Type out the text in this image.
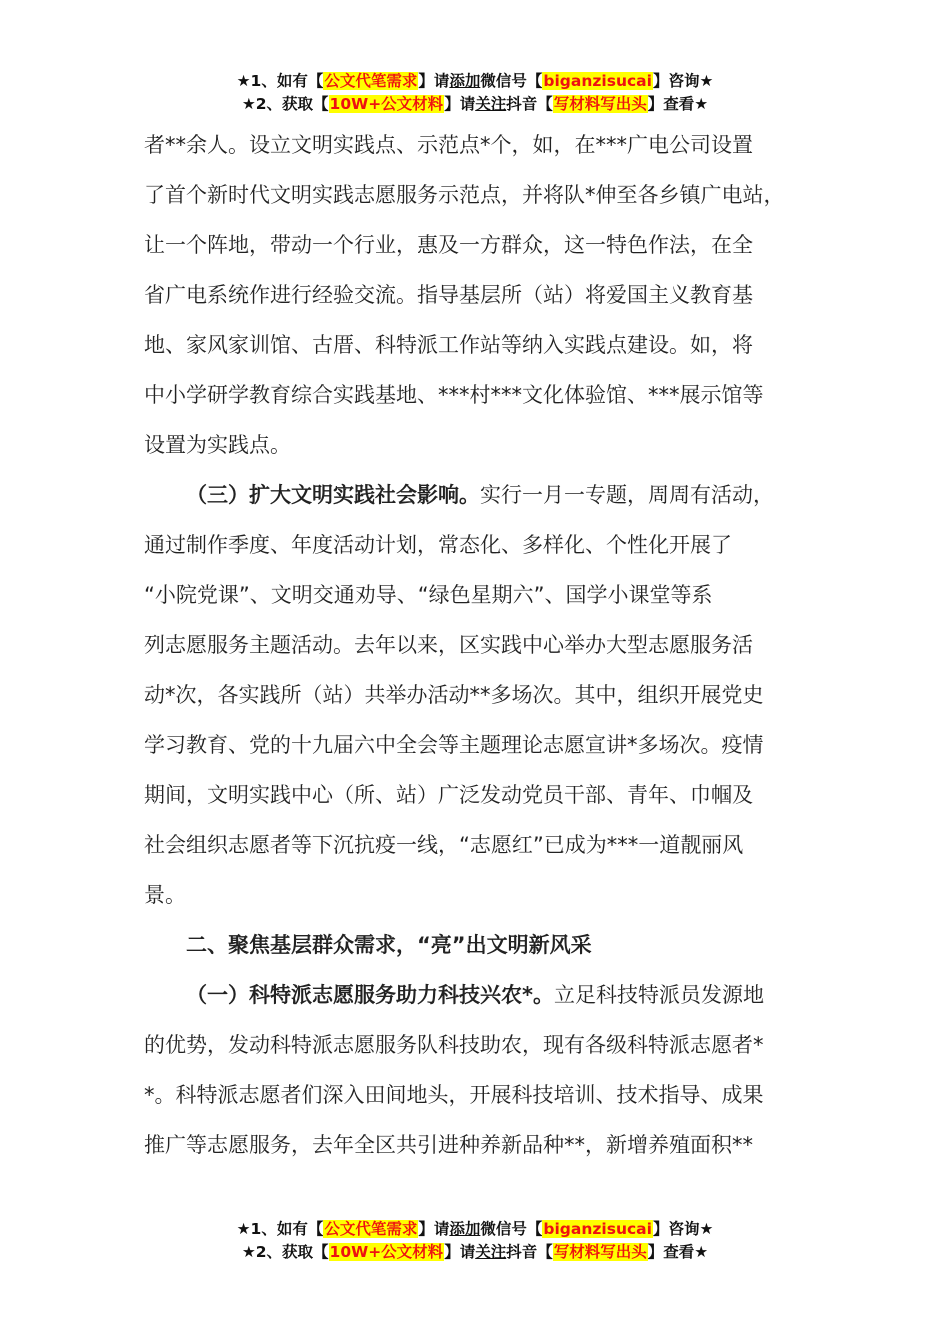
★1、如有【公文代笔需求】请添加微信号【biganzisucai】咨询★
★2、获取【10W+公文材料】请关注抖音【写材料写出头】查看★
者**余人。设立文明实践点、示范点*个，如，在***广电公司设置
了首个新时代文明实践志愿服务示范点，并将队*伸至各乡镇广电站，
让一个阵地，带动一个行业，惠及一方群众，这一特色作法，在全
省广电系统作进行经验交流。指导基层所（站）将爱国主义教育基
地、家风家训馆、古厝、科特派工作站等纳入实践点建设。如，将
中小学研学教育综合实践基地、***村***文化体验馆、***展示馆等
设置为实践点。
（三）扩大文明实践社会影响。实行一月一专题，周周有活动，
通过制作季度、年度活动计划，常态化、多样化、个性化开展了
“小院党课”、文明交通劝导、“绿色星期六”、国学小课堂等系
列志愿服务主题活动。去年以来，区实践中心举办大型志愿服务活
动*次，各实践所（站）共举办活动**多场次。其中，组织开展党史
学习教育、党的十九届六中全会等主题理论志愿宣讲*多场次。疫情
期间，文明实践中心（所、站）广泛发动党员干部、青年、巾帼及
社会组织志愿者等下沉抗疫一线，“志愿红”已成为***一道靓丽风
景。
二、聚焦基层群众需求，“亮”出文明新风采
（一）科特派志愿服务助力科技兴农*。立足科技特派员发源地
的优势，发动科特派志愿服务队科技助农，现有各级科特派志愿者*
*。科特派志愿者们深入田间地头，开展科技培训、技术指导、成果
推广等志愿服务，去年全区共引进种养新品种**，新增养殖面积**
★1、如有【公文代笔需求】请添加微信号【biganzisucai】咨询★
★2、获取【10W+公文材料】请关注抖音【写材料写出头】查看★
